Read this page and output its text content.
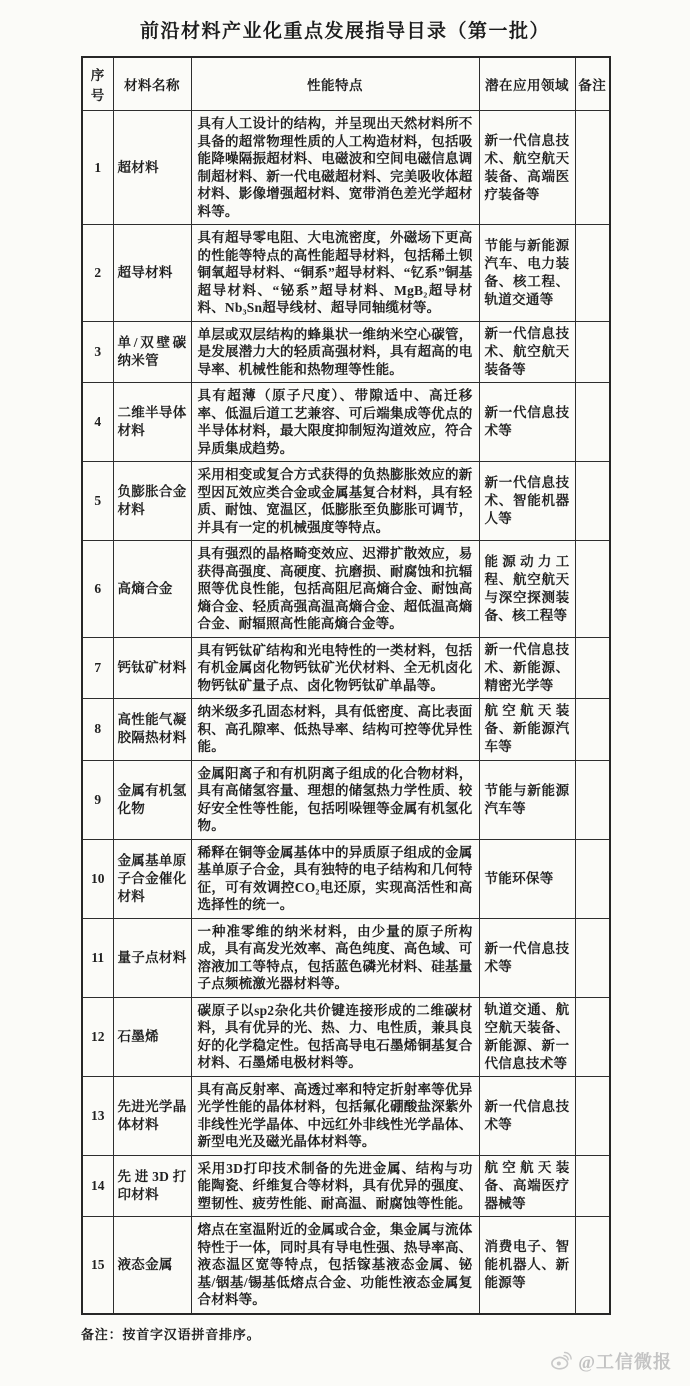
前沿材料产业化重点发展指导目录（第一批）
序号	材料名称	性能特点	潜在应用领域	备注
1	超材料	具有人工设计的结构，并呈现出天然材料所不具备的超常物理性质的人工构造材料，包括吸能降噪隔振超材料、电磁波和空间电磁信息调制超材料、新一代电磁超材料、完美吸收体超材料、影像增强超材料、宽带消色差光学超材料等。	新一代信息技术、航空航天装备、高端医疗装备等	
2	超导材料	具有超导零电阻、大电流密度，外磁场下更高的性能等特点的高性能超导材料，包括稀土钡铜氧超导材料、“铜系”超导材料、“钇系”铜基超导材料、“铋系”超导材料、MgB₂超导材料、Nb₃Sn超导线材、超导同轴缆材等。	节能与新能源汽车、电力装备、核工程、轨道交通等	
3	单/双壁碳纳米管	单层或双层结构的蜂巢状一维纳米空心碳管，是发展潜力大的轻质高强材料，具有超高的电导率、机械性能和热物理等性能。	新一代信息技术、航空航天装备等	
4	二维半导体材料	具有超薄（原子尺度）、带隙适中、高迁移率、低温后道工艺兼容、可后端集成等优点的半导体材料，最大限度抑制短沟道效应，符合异质集成趋势。	新一代信息技术等	
5	负膨胀合金材料	采用相变或复合方式获得的负热膨胀效应的新型因瓦效应类合金或金属基复合材料，具有轻质、耐蚀、宽温区，低膨胀至负膨胀可调节，并具有一定的机械强度等特点。	新一代信息技术、智能机器人等	
6	高熵合金	具有强烈的晶格畸变效应、迟滞扩散效应，易获得高强度、高硬度、抗磨损、耐腐蚀和抗辐照等优良性能，包括高阻尼高熵合金、耐蚀高熵合金、轻质高强高温高熵合金、超低温高熵合金、耐辐照高性能高熵合金等。	能源动力工程、航空航天与深空探测装备、核工程等	
7	钙钛矿材料	具有钙钛矿结构和光电特性的一类材料，包括有机金属卤化物钙钛矿光伏材料、全无机卤化物钙钛矿量子点、卤化物钙钛矿单晶等。	新一代信息技术、新能源、精密光学等	
8	高性能气凝胶隔热材料	纳米级多孔固态材料，具有低密度、高比表面积、高孔隙率、低热导率、结构可控等优异性能。	航空航天装备、新能源汽车等	
9	金属有机氢化物	金属阳离子和有机阴离子组成的化合物材料，具有高储氢容量、理想的储氢热力学性质、较好安全性等性能，包括吲哚锂等金属有机氢化物。	节能与新能源汽车等	
10	金属基单原子合金催化材料	稀释在铜等金属基体中的异质原子组成的金属基单原子合金，具有独特的电子结构和几何特征，可有效调控CO₂电还原，实现高活性和高选择性的统一。	节能环保等	
11	量子点材料	一种准零维的纳米材料，由少量的原子所构成，具有高发光效率、高色纯度、高色域、可溶液加工等特点，包括蓝色磷光材料、硅基量子点频梳激光器材料等。	新一代信息技术等	
12	石墨烯	碳原子以sp2杂化共价键连接形成的二维碳材料，具有优异的光、热、力、电性质，兼具良好的化学稳定性。包括高导电石墨烯铜基复合材料、石墨烯电极材料等。	轨道交通、航空航天装备、新能源、新一代信息技术等	
13	先进光学晶体材料	具有高反射率、高透过率和特定折射率等优异光学性能的晶体材料，包括氟化硼酸盐深紫外非线性光学晶体、中远红外非线性光学晶体、新型电光及磁光晶体材料等。	新一代信息技术等	
14	先进3D打印材料	采用3D打印技术制备的先进金属、结构与功能陶瓷、纤维复合等材料，具有优异的强度、塑韧性、疲劳性能、耐高温、耐腐蚀等性能。	航空航天装备、高端医疗器械等	
15	液态金属	熔点在室温附近的金属或合金，集金属与流体特性于一体，同时具有导电性强、热导率高、液态温区宽等特点，包括镓基液态金属、铋基/铟基/锡基低熔点合金、功能性液态金属复合材料等。	消费电子、智能机器人、新能源等	
备注：按首字汉语拼音排序。
@工信微报
